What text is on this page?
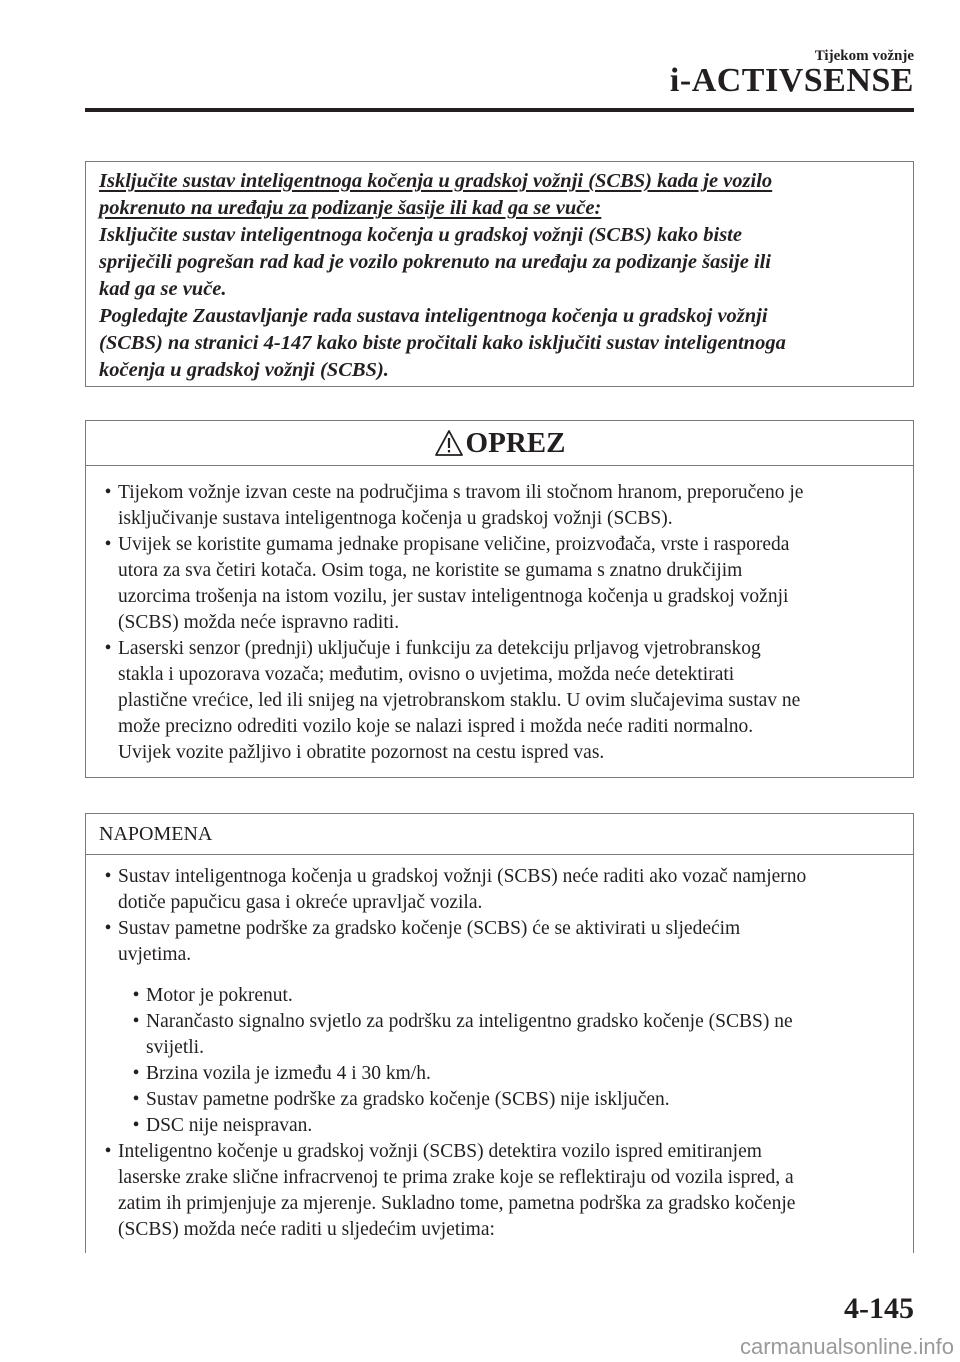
Tijekom vožnje
i-ACTIVSENSE

Isključite sustav inteligentnoga kočenja u gradskoj vožnji (SCBS) kada je vozilo

pokrenuto na uređaju za podizanje šasije ili kad ga se vuče:

Isključite sustav inteligentnoga kočenja u gradskoj vožnji (SCBS) kako biste

spriječili pogrešan rad kad je vozilo pokrenuto na uređaju za podizanje šasije ili

kad ga se vuče.

Pogledajte Zaustavljanje rada sustava inteligentnoga kočenja u gradskoj vožnji

(SCBS) na stranici 4-147 kako biste pročitali kako isključiti sustav inteligentnoga

kočenja u gradskoj vožnji (SCBS).

OPREZ
• Tijekom vožnje izvan ceste na područjima s travom ili stočnom hranom, preporučeno je
isključivanje sustava inteligentnoga kočenja u gradskoj vožnji (SCBS).
• Uvijek se koristite gumama jednake propisane veličine, proizvođača, vrste i rasporeda
utora za sva četiri kotača. Osim toga, ne koristite se gumama s znatno drukčijim
uzorcima trošenja na istom vozilu, jer sustav inteligentnoga kočenja u gradskoj vožnji
(SCBS) možda neće ispravno raditi.
• Laserski senzor (prednji) uključuje i funkciju za detekciju prljavog vjetrobranskog
stakla i upozorava vozača; međutim, ovisno o uvjetima, možda neće detektirati
plastične vrećice, led ili snijeg na vjetrobranskom staklu. U ovim slučajevima sustav ne
može precizno odrediti vozilo koje se nalazi ispred i možda neće raditi normalno.
Uvijek vozite pažljivo i obratite pozornost na cestu ispred vas.
NAPOMENA
• Sustav inteligentnoga kočenja u gradskoj vožnji (SCBS) neće raditi ako vozač namjerno
dotiče papučicu gasa i okreće upravljač vozila.
• Sustav pametne podrške za gradsko kočenje (SCBS) će se aktivirati u sljedećim
uvjetima.
• Motor je pokrenut.
• Narančasto signalno svjetlo za podršku za inteligentno gradsko kočenje (SCBS) ne
svijetli.
• Brzina vozila je između 4 i 30 km/h.
• Sustav pametne podrške za gradsko kočenje (SCBS) nije isključen.
• DSC nije neispravan.
• Inteligentno kočenje u gradskoj vožnji (SCBS) detektira vozilo ispred emitiranjem
laserske zrake slične infracrvenoj te prima zrake koje se reflektiraju od vozila ispred, a
zatim ih primjenjuje za mjerenje. Sukladno tome, pametna podrška za gradsko kočenje
(SCBS) možda neće raditi u sljedećim uvjetima:
4-145
carmanualsonline.info
